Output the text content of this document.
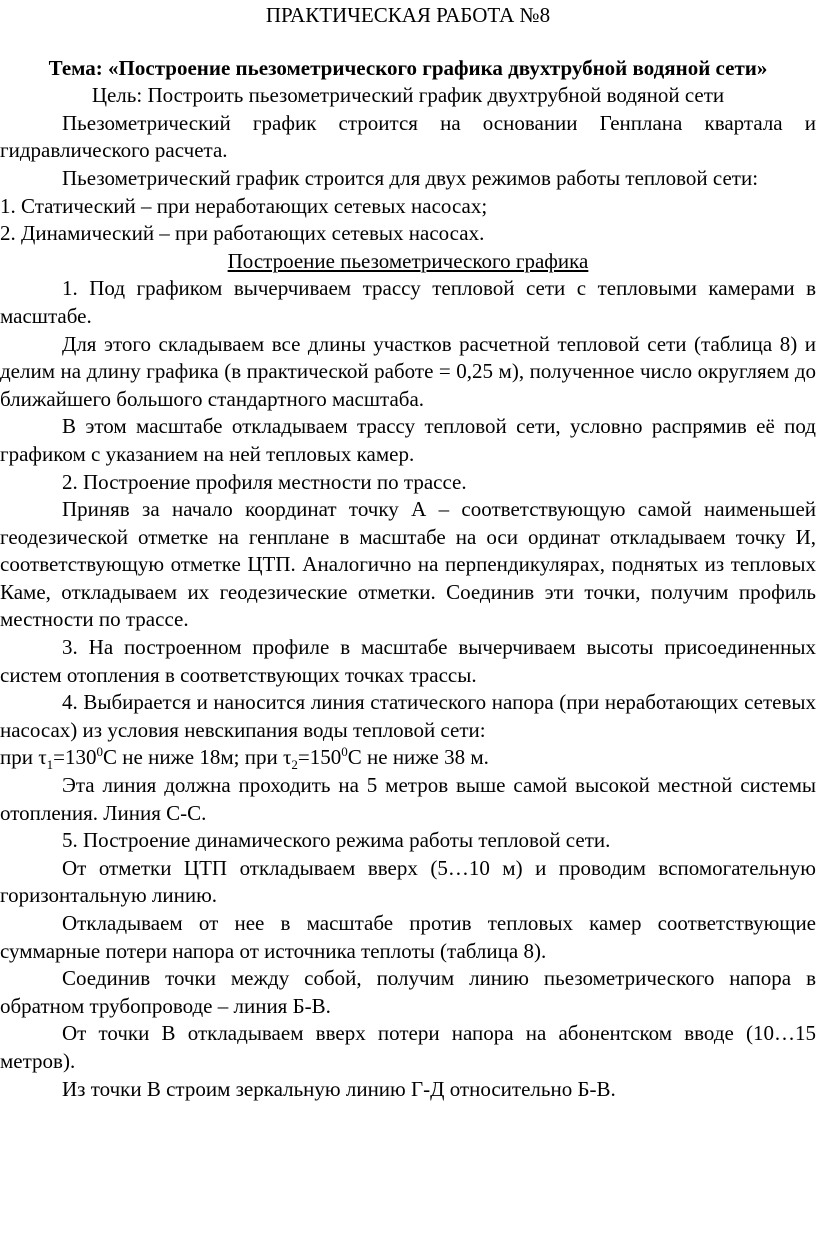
ПРАКТИЧЕСКАЯ РАБОТА №8

Тема: «Построение пьезометрического графика двухтрубной водяной сети»

Цель: Построить пьезометрический график двухтрубной водяной сети

Пьезометрический график строится на основании Генплана квартала и гидравлического расчета.

Пьезометрический график строится для двух режимов работы тепловой сети:

1. Статический – при неработающих сетевых насосах;

2. Динамический – при работающих сетевых насосах.

Построение пьезометрического графика

1. Под графиком вычерчиваем трассу тепловой сети с тепловыми камерами в масштабе.

Для этого складываем все длины участков расчетной тепловой сети (таблица 8) и делим на длину графика (в практической работе = 0,25 м), полученное число округляем до ближайшего большого стандартного масштаба.

В этом масштабе откладываем трассу тепловой сети, условно распрямив её под графиком с указанием на ней тепловых камер.

2. Построение профиля местности по трассе.

Приняв за начало координат точку А – соответствующую самой наименьшей геодезической отметке на генплане в масштабе на оси ординат откладываем точку И, соответствующую отметке ЦТП. Аналогично на перпендикулярах, поднятых из тепловых Каме, откладываем их геодезические отметки. Соединив эти точки, получим профиль местности по трассе.

3. На построенном профиле в масштабе вычерчиваем высоты присоединенных систем отопления в соответствующих точках трассы.

4. Выбирается и наносится линия статического напора (при неработающих сетевых насосах) из условия невскипания воды тепловой сети:

при $\tau_1=130^0С$ не ниже 18м; при $\tau_2=150^0С$ не ниже 38 м.

Эта линия должна проходить на 5 метров выше самой высокой местной системы отопления. Линия С-С.

5. Построение динамического режима работы тепловой сети.

От отметки ЦТП откладываем вверх (5…10 м) и проводим вспомогательную горизонтальную линию.

Откладываем от нее в масштабе против тепловых камер соответствующие суммарные потери напора от источника теплоты (таблица 8).

Соединив точки между собой, получим линию пьезометрического напора в обратном трубопроводе – линия Б-В.

От точки В откладываем вверх потери напора на абонентском вводе (10…15 метров).

Из точки В строим зеркальную линию Г-Д относительно Б-В.
